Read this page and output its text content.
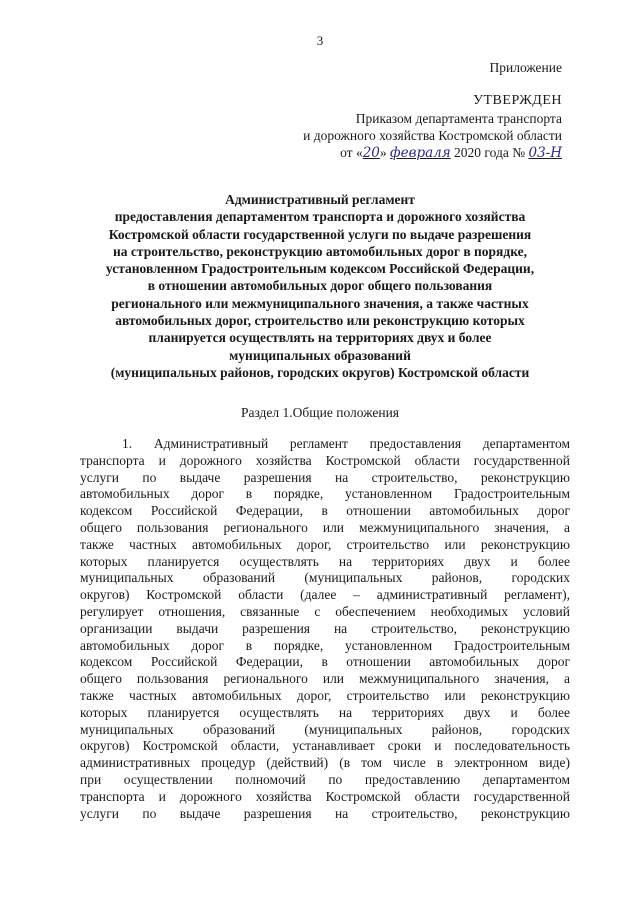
3
Приложение
УТВЕРЖДЕН
Приказом департамента транспорта
и дорожного хозяйства Костромской области
от «20» февраля 2020 года № 03-Н
Административный регламент
предоставления департаментом транспорта и дорожного хозяйства
Костромской области государственной услуги по выдаче разрешения
на строительство, реконструкцию автомобильных дорог в порядке,
установленном Градостроительным кодексом Российской Федерации,
в отношении автомобильных дорог общего пользования
регионального или межмуниципального значения, а также частных
автомобильных дорог, строительство или реконструкцию которых
планируется осуществлять на территориях двух и более
муниципальных образований
(муниципальных районов, городских округов) Костромской области
Раздел 1.Общие положения
1. Административный регламент предоставления департаментом
транспорта и дорожного хозяйства Костромской области государственной
услуги по выдаче разрешения на строительство, реконструкцию
автомобильных дорог в порядке, установленном Градостроительным
кодексом Российской Федерации, в отношении автомобильных дорог
общего пользования регионального или межмуниципального значения, а
также частных автомобильных дорог, строительство или реконструкцию
которых планируется осуществлять на территориях двух и более
муниципальных образований (муниципальных районов, городских
округов) Костромской области (далее – административный регламент),
регулирует отношения, связанные с обеспечением необходимых условий
организации выдачи разрешения на строительство, реконструкцию
автомобильных дорог в порядке, установленном Градостроительным
кодексом Российской Федерации, в отношении автомобильных дорог
общего пользования регионального или межмуниципального значения, а
также частных автомобильных дорог, строительство или реконструкцию
которых планируется осуществлять на территориях двух и более
муниципальных образований (муниципальных районов, городских
округов) Костромской области, устанавливает сроки и последовательность
административных процедур (действий) (в том числе в электронном виде)
при осуществлении полномочий по предоставлению департаментом
транспорта и дорожного хозяйства Костромской области государственной
услуги по выдаче разрешения на строительство, реконструкцию
